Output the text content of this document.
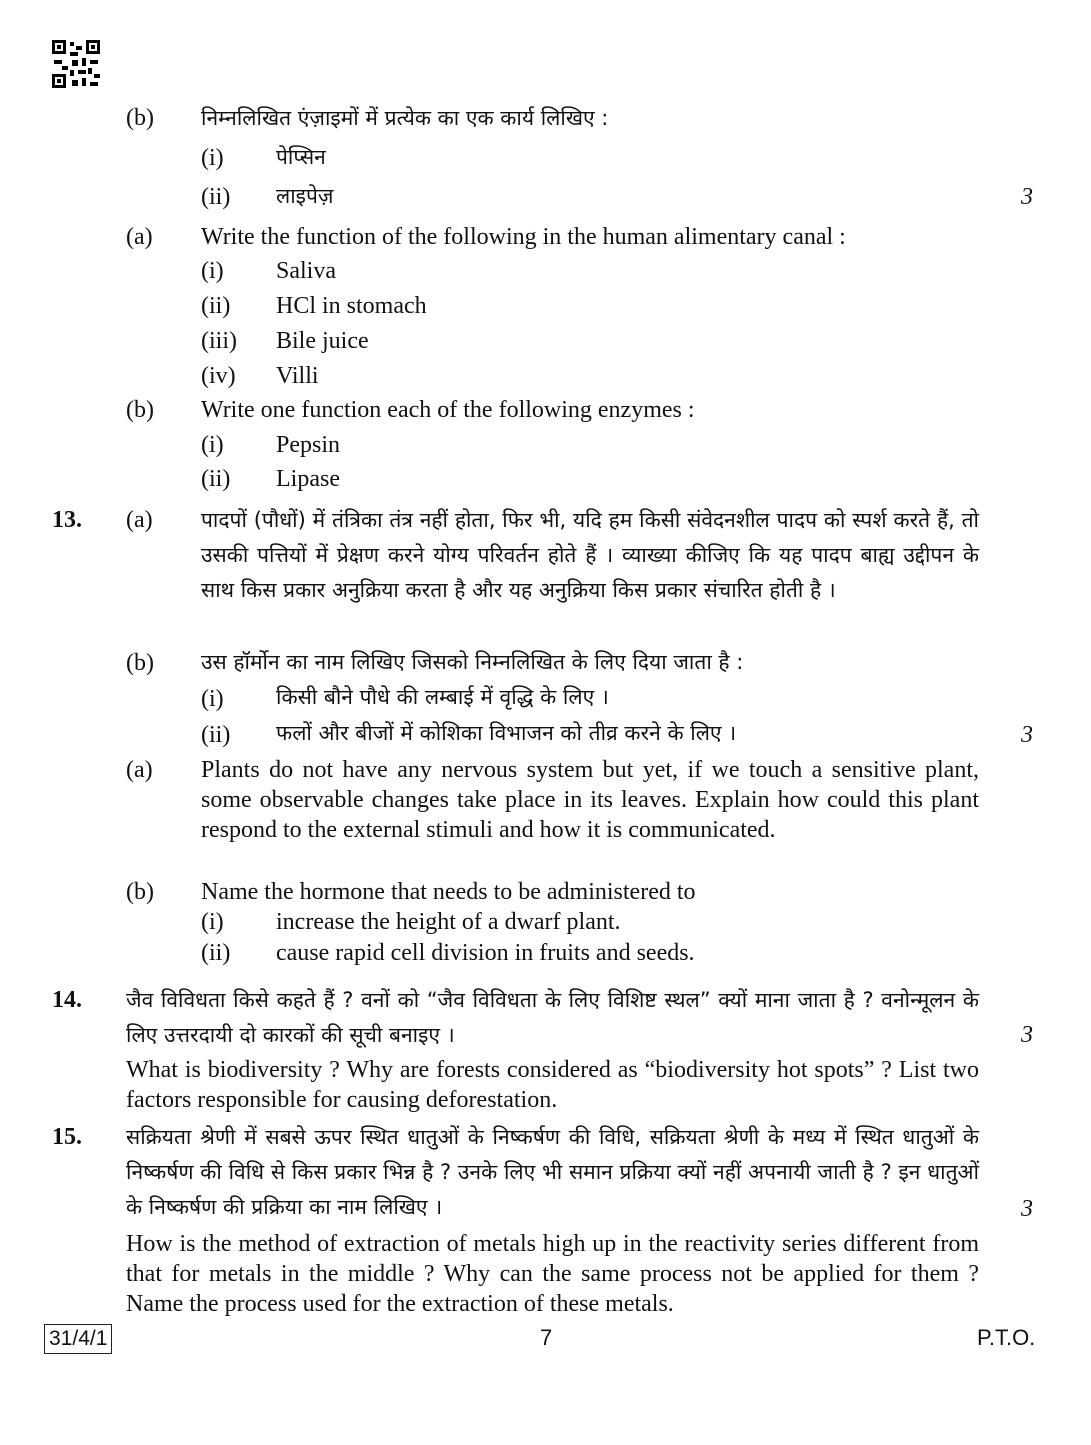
(b) निम्नलिखित एंज़ाइमों में प्रत्येक का एक कार्य लिखिए :
(i) पेप्सिन
(ii) लाइपेज़	3
(a) Write the function of the following in the human alimentary canal :
(i) Saliva
(ii) HCl in stomach
(iii) Bile juice
(iv) Villi
(b) Write one function each of the following enzymes :
(i) Pepsin
(ii) Lipase
13. (a) पादपों (पौधों) में तंत्रिका तंत्र नहीं होता, फिर भी, यदि हम किसी संवेदनशील पादप को स्पर्श करते हैं, तो उसकी पत्तियों में प्रेक्षण करने योग्य परिवर्तन होते हैं । व्याख्या कीजिए कि यह पादप बाह्य उद्दीपन के साथ किस प्रकार अनुक्रिया करता है और यह अनुक्रिया किस प्रकार संचारित होती है ।
(b) उस हॉर्मोन का नाम लिखिए जिसको निम्नलिखित के लिए दिया जाता है :
(i) किसी बौने पौधे की लम्बाई में वृद्धि के लिए ।
(ii) फलों और बीजों में कोशिका विभाजन को तीव्र करने के लिए ।	3
(a) Plants do not have any nervous system but yet, if we touch a sensitive plant, some observable changes take place in its leaves. Explain how could this plant respond to the external stimuli and how it is communicated.
(b) Name the hormone that needs to be administered to
(i) increase the height of a dwarf plant.
(ii) cause rapid cell division in fruits and seeds.
14. जैव विविधता किसे कहते हैं ? वनों को “जैव विविधता के लिए विशिष्ट स्थल” क्यों माना जाता है ? वनोन्मूलन के लिए उत्तरदायी दो कारकों की सूची बनाइए ।	3
What is biodiversity ? Why are forests considered as “biodiversity hot spots” ? List two factors responsible for causing deforestation.
15. सक्रियता श्रेणी में सबसे ऊपर स्थित धातुओं के निष्कर्षण की विधि, सक्रियता श्रेणी के मध्य में स्थित धातुओं के निष्कर्षण की विधि से किस प्रकार भिन्न है ? उनके लिए भी समान प्रक्रिया क्यों नहीं अपनायी जाती है ? इन धातुओं के निष्कर्षण की प्रक्रिया का नाम लिखिए ।	3
How is the method of extraction of metals high up in the reactivity series different from that for metals in the middle ? Why can the same process not be applied for them ? Name the process used for the extraction of these metals.
31/4/1	7	P.T.O.
